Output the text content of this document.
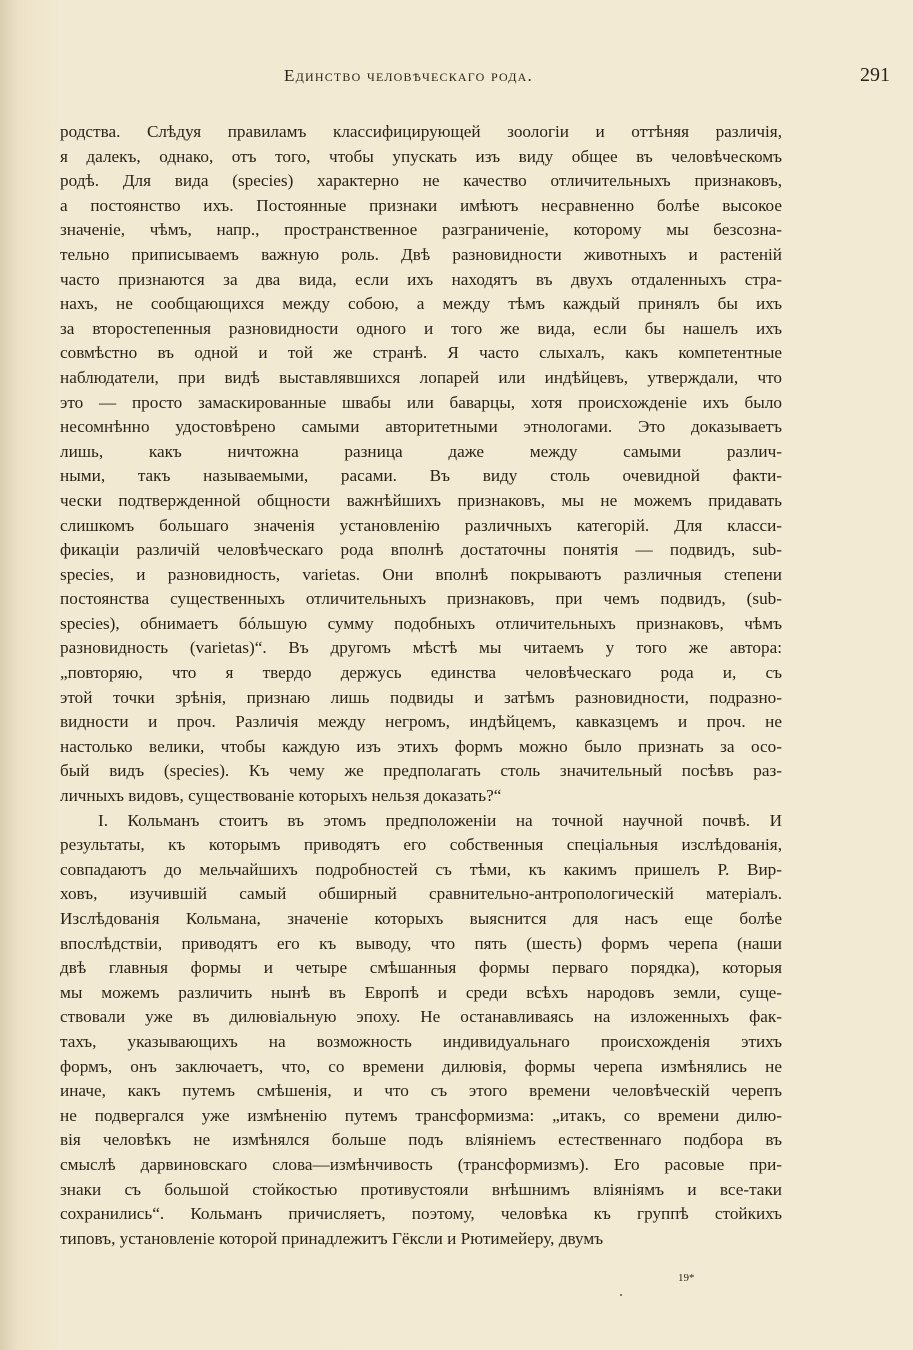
Единство человѣческаго рода.	291
родства. Слѣдуя правиламъ классифицирующей зоологіи и оттѣняя различія,
я далекъ, однако, отъ того, чтобы упускать изъ виду общее въ человѣческомъ
родѣ. Для вида (species) характерно не качество отличительныхъ признаковъ,
а постоянство ихъ. Постоянные признаки имѣютъ несравненно болѣе высокое
значеніе, чѣмъ, напр., пространственное разграниченіе, которому мы безсозна-
тельно приписываемъ важную роль. Двѣ разновидности животныхъ и растеній
часто признаются за два вида, если ихъ находятъ въ двухъ отдаленныхъ стра-
нахъ, не сообщающихся между собою, а между тѣмъ каждый принялъ бы ихъ
за второстепенныя разновидности одного и того же вида, если бы нашелъ ихъ
совмѣстно въ одной и той же странѣ. Я часто слыхалъ, какъ компетентные
наблюдатели, при видѣ выставлявшихся лопарей или индѣйцевъ, утверждали, что
это — просто замаскированные швабы или баварцы, хотя происхожденіе ихъ было
несомнѣнно удостовѣрено самыми авторитетными этнологами. Это доказываетъ
лишь, какъ ничтожна разница даже между самыми различ-
ными, такъ называемыми, расами. Въ виду столь очевидной факти-
чески подтвержденной общности важнѣйшихъ признаковъ, мы не можемъ придавать
слишкомъ большаго значенія установленію различныхъ категорій. Для класси-
фикаціи различій человѣческаго рода вполнѣ достаточны понятія — подвидъ, sub-
species, и разновидность, varietas. Они вполнѣ покрываютъ различныя степени
постоянства существенныхъ отличительныхъ признаковъ, при чемъ подвидъ, (sub-
species), обнимаетъ бóльшую сумму подобныхъ отличительныхъ признаковъ, чѣмъ
разновидность (varietas)“. Въ другомъ мѣстѣ мы читаемъ у того же автора:
„повторяю, что я твердо держусь единства человѣческаго рода и, съ
этой точки зрѣнія, признаю лишь подвиды и затѣмъ разновидности, подразно-
видности и проч. Различія между негромъ, индѣйцемъ, кавказцемъ и проч. не
настолько велики, чтобы каждую изъ этихъ формъ можно было признать за осо-
бый видъ (species). Къ чему же предполагать столь значительный посѣвъ раз-
личныхъ видовъ, существованіе которыхъ нельзя доказать?“
I. Кольманъ стоитъ въ этомъ предположеніи на точной научной почвѣ. И
результаты, къ которымъ приводятъ его собственныя спеціальныя изслѣдованія,
совпадаютъ до мельчайшихъ подробностей съ тѣми, къ какимъ пришелъ Р. Вир-
ховъ, изучившій самый обширный сравнительно-антропологическій матеріалъ.
Изслѣдованія Кольмана, значеніе которыхъ выяснится для насъ еще болѣе
впослѣдствіи, приводятъ его къ выводу, что пять (шесть) формъ черепа (наши
двѣ главныя формы и четыре смѣшанныя формы перваго порядка), которыя
мы можемъ различить нынѣ въ Европѣ и среди всѣхъ народовъ земли, суще-
ствовали уже въ дилювіальную эпоху. Не останавливаясь на изложенныхъ фак-
тахъ, указывающихъ на возможность индивидуальнаго происхожденія этихъ
формъ, онъ заключаетъ, что, со времени дилювія, формы черепа измѣнялись не
иначе, какъ путемъ смѣшенія, и что съ этого времени человѣческій черепъ
не подвергался уже измѣненію путемъ трансформизма: „итакъ, со времени дилю-
вія человѣкъ не измѣнялся больше подъ вліяніемъ естественнаго подбора въ
смыслѣ дарвиновскаго слова—измѣнчивость (трансформизмъ). Его расовые при-
знаки съ большой стойкостью противустояли внѣшнимъ вліяніямъ и все-таки
сохранились“. Кольманъ причисляетъ, поэтому, человѣка къ группѣ стойкихъ
типовъ, установленіе которой принадлежитъ Гёксли и Рютимейеру, двумъ
19*
